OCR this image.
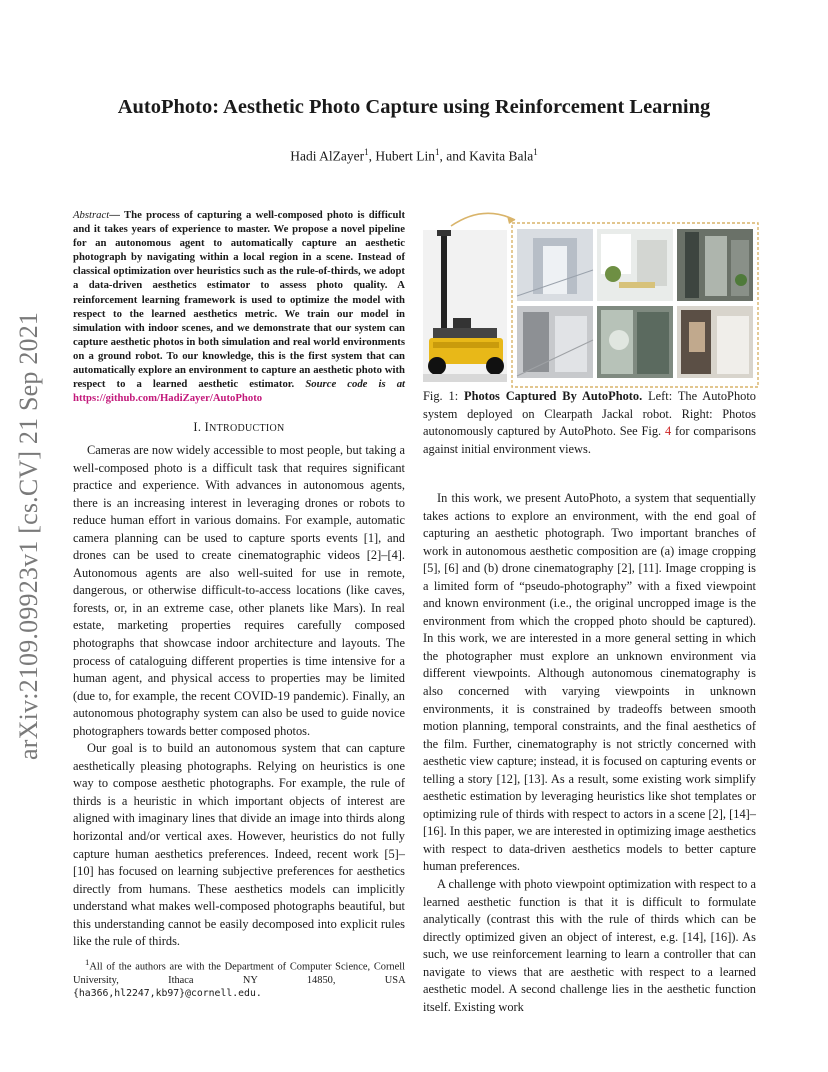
AutoPhoto: Aesthetic Photo Capture using Reinforcement Learning
Hadi AlZayer$^1$, Hubert Lin$^1$, and Kavita Bala$^1$
arXiv:2109.09923v1 [cs.CV] 21 Sep 2021
Abstract— The process of capturing a well-composed photo is difficult and it takes years of experience to master. We propose a novel pipeline for an autonomous agent to automatically capture an aesthetic photograph by navigating within a local region in a scene. Instead of classical optimization over heuristics such as the rule-of-thirds, we adopt a data-driven aesthetics estimator to assess photo quality. A reinforcement learning framework is used to optimize the model with respect to the learned aesthetics metric. We train our model in simulation with indoor scenes, and we demonstrate that our system can capture aesthetic photos in both simulation and real world environments on a ground robot. To our knowledge, this is the first system that can automatically explore an environment to capture an aesthetic photo with respect to a learned aesthetic estimator. Source code is at https://github.com/HadiZayer/AutoPhoto
I. INTRODUCTION

Cameras are now widely accessible to most people, but taking a well-composed photo is a difficult task that requires significant practice and experience. With advances in autonomous agents, there is an increasing interest in leveraging drones or robots to reduce human effort in various domains. For example, automatic camera planning can be used to capture sports events [1], and drones can be used to create cinematographic videos [2]–[4]. Autonomous agents are also well-suited for use in remote, dangerous, or otherwise difficult-to-access locations (like caves, forests, or, in an extreme case, other planets like Mars). In real estate, marketing properties requires carefully composed photographs that showcase indoor architecture and layouts. The process of cataloguing different properties is time intensive for a human agent, and physical access to properties may be limited (due to, for example, the recent COVID-19 pandemic). Finally, an autonomous photography system can also be used to guide novice photographers towards better composed photos.

Our goal is to build an autonomous system that can capture aesthetically pleasing photographs. Relying on heuristics is one way to compose aesthetic photographs. For example, the rule of thirds is a heuristic in which important objects of interest are aligned with imaginary lines that divide an image into thirds along horizontal and/or vertical axes. However, heuristics do not fully capture human aesthetics preferences. Indeed, recent work [5]–[10] has focused on learning subjective preferences for aesthetics directly from humans. These aesthetics models can implicitly understand what makes well-composed photographs beautiful, but this understanding cannot be easily decomposed into explicit rules like the rule of thirds.

$^1$All of the authors are with the Department of Computer Science, Cornell University, Ithaca NY 14850, USA {ha366,hl2247,kb97}@cornell.edu.
Fig. 1: Photos Captured By AutoPhoto. Left: The AutoPhoto system deployed on Clearpath Jackal robot. Right: Photos autonomously captured by AutoPhoto. See Fig. 4 for comparisons against initial environment views.

In this work, we present AutoPhoto, a system that sequentially takes actions to explore an environment, with the end goal of capturing an aesthetic photograph. Two important branches of work in autonomous aesthetic composition are (a) image cropping [5], [6] and (b) drone cinematography [2], [11]. Image cropping is a limited form of “pseudo-photography” with a fixed viewpoint and known environment (i.e., the original uncropped image is the environment from which the cropped photo should be captured). In this work, we are interested in a more general setting in which the photographer must explore an unknown environment via different viewpoints. Although autonomous cinematography is also concerned with varying viewpoints in unknown environments, it is constrained by tradeoffs between smooth motion planning, temporal constraints, and the final aesthetics of the film. Further, cinematography is not strictly concerned with aesthetic view capture; instead, it is focused on capturing events or telling a story [12], [13]. As a result, some existing work simplify aesthetic estimation by leveraging heuristics like shot templates or optimizing rule of thirds with respect to actors in a scene [2], [14]–[16]. In this paper, we are interested in optimizing image aesthetics with respect to data-driven aesthetics models to better capture human preferences.

A challenge with photo viewpoint optimization with respect to a learned aesthetic function is that it is difficult to formulate analytically (contrast this with the rule of thirds which can be directly optimized given an object of interest, e.g. [14], [16]). As such, we use reinforcement learning to learn a controller that can navigate to views that are aesthetic with respect to a learned aesthetic model. A second challenge lies in the aesthetic function itself. Existing work
